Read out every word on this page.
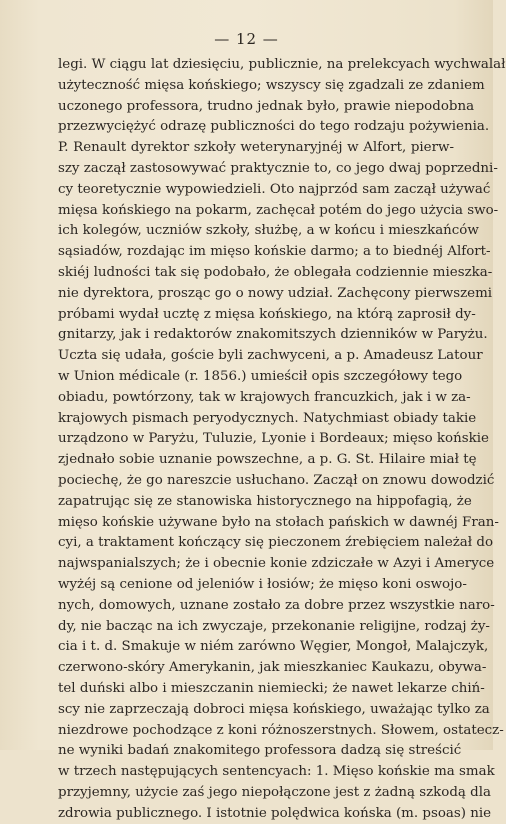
— 12 —
legi. W ciągu lat dziesięciu, publicznie, na prelekcyach wychwalał
użyteczność mięsa końskiego; wszyscy się zgadzali ze zdaniem
uczonego professora, trudno jednak było, prawie niepodobna
przezwyciężyć odrazę publiczności do tego rodzaju pożywienia.
P. Renault dyrektor szkoły weterynaryjnéj w Alfort, pierw-
szy zaczął zastosowywać praktycznie to, co jego dwaj poprzedni-
cy teoretycznie wypowiedzieli. Oto najprzód sam zaczął używać
mięsa końskiego na pokarm, zachęcał potém do jego użycia swo-
ich kolegów, uczniów szkoły, służbę, a w końcu i mieszkańców
sąsiadów, rozdając im mięso końskie darmo; a to biednéj Alfort-
skiéj ludności tak się podobało, że oblegała codziennie mieszka-
nie dyrektora, prosząc go o nowy udział. Zachęcony pierwszemi
próbami wydał ucztę z mięsa końskiego, na którą zaprosił dy-
gnitarzy, jak i redaktorów znakomitszych dzienników w Paryżu.
Uczta się udała, goście byli zachwyceni, a p. Amadeusz Latour
w Union médicale (r. 1856.) umieścił opis szczegółowy tego
obiadu, powtórzony, tak w krajowych francuzkich, jak i w za-
krajowych pismach peryodycznych. Natychmiast obiady takie
urządzono w Paryżu, Tuluzie, Lyonie i Bordeaux; mięso końskie
zjednało sobie uznanie powszechne, a p. G. St. Hilaire miał tę
pociechę, że go nareszcie usłuchano. Zaczął on znowu dowodzić
zapatrując się ze stanowiska historycznego na hippofagią, że
mięso końskie używane było na stołach pańskich w dawnéj Fran-
cyi, a traktament kończący się pieczonem źrebięciem należał do
najwspanialszych; że i obecnie konie zdziczałe w Azyi i Ameryce
wyżéj są cenione od jeleniów i łosiów; że mięso koni oswojo-
nych, domowych, uznane zostało za dobre przez wszystkie naro-
dy, nie bacząc na ich zwyczaje, przekonanie religijne, rodzaj ży-
cia i t. d. Smakuje w niém zarówno Węgier, Mongoł, Malajczyk,
czerwono-skóry Amerykanin, jak mieszkaniec Kaukazu, obywa-
tel duński albo i mieszczanin niemiecki; że nawet lekarze chiń-
scy nie zaprzeczają dobroci mięsa końskiego, uważając tylko za
niezdrowe pochodzące z koni różnoszerstnych. Słowem, ostatecz-
ne wyniki badań znakomitego professora dadzą się streścić
w trzech następujących sentencyach: 1. Mięso końskie ma smak
przyjemny, użycie zaś jego niepołączone jest z żadną szkodą dla
zdrowia publicznego. I istotnie polędwica końska (m. psoas) nie
